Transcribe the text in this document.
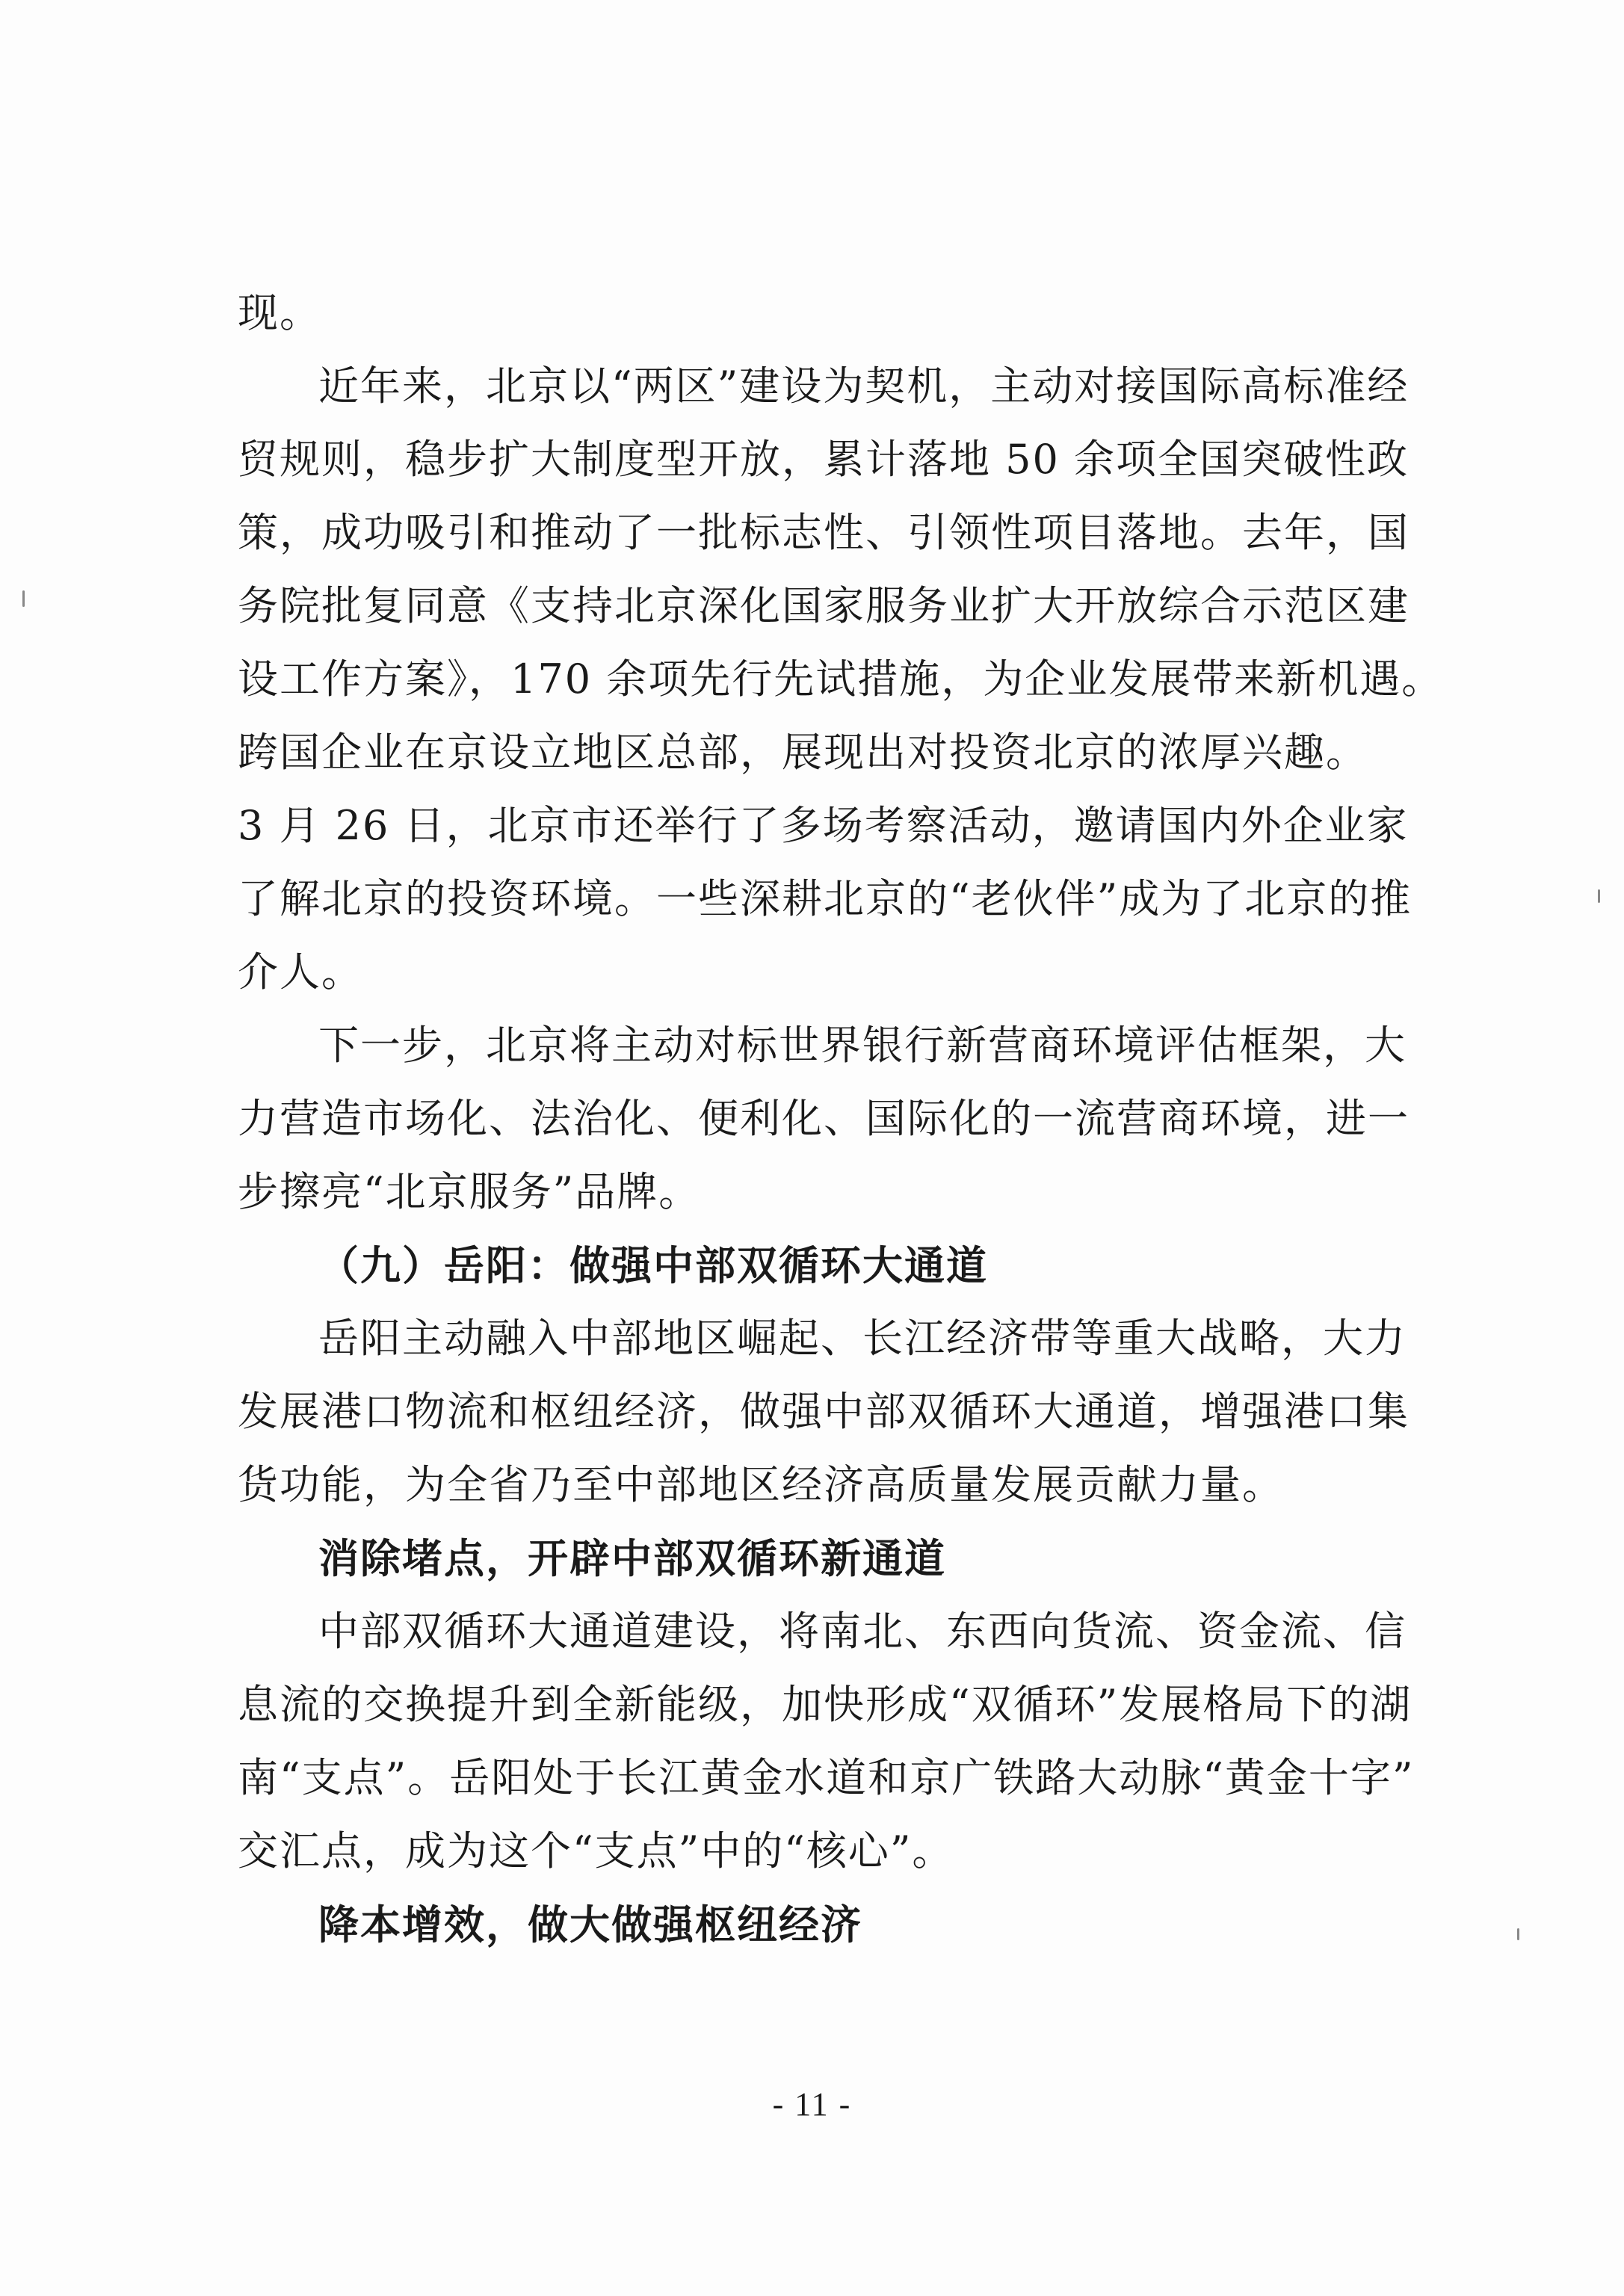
现。
近年来，北京以“两区”建设为契机，主动对接国际高标准经
贸规则，稳步扩大制度型开放，累计落地 50 余项全国突破性政
策，成功吸引和推动了一批标志性、引领性项目落地。去年，国
务院批复同意《支持北京深化国家服务业扩大开放综合示范区建
设工作方案》，170 余项先行先试措施，为企业发展带来新机遇。
跨国企业在京设立地区总部，展现出对投资北京的浓厚兴趣。
3 月 26 日，北京市还举行了多场考察活动，邀请国内外企业家
了解北京的投资环境。一些深耕北京的“老伙伴”成为了北京的推
介人。
下一步，北京将主动对标世界银行新营商环境评估框架，大
力营造市场化、法治化、便利化、国际化的一流营商环境，进一
步擦亮“北京服务”品牌。
（九）岳阳：做强中部双循环大通道
岳阳主动融入中部地区崛起、长江经济带等重大战略，大力
发展港口物流和枢纽经济，做强中部双循环大通道，增强港口集
货功能，为全省乃至中部地区经济高质量发展贡献力量。
消除堵点，开辟中部双循环新通道
中部双循环大通道建设，将南北、东西向货流、资金流、信
息流的交换提升到全新能级，加快形成“双循环”发展格局下的湖
南“支点”。岳阳处于长江黄金水道和京广铁路大动脉“黄金十字”
交汇点，成为这个“支点”中的“核心”。
降本增效，做大做强枢纽经济
- 11 -
